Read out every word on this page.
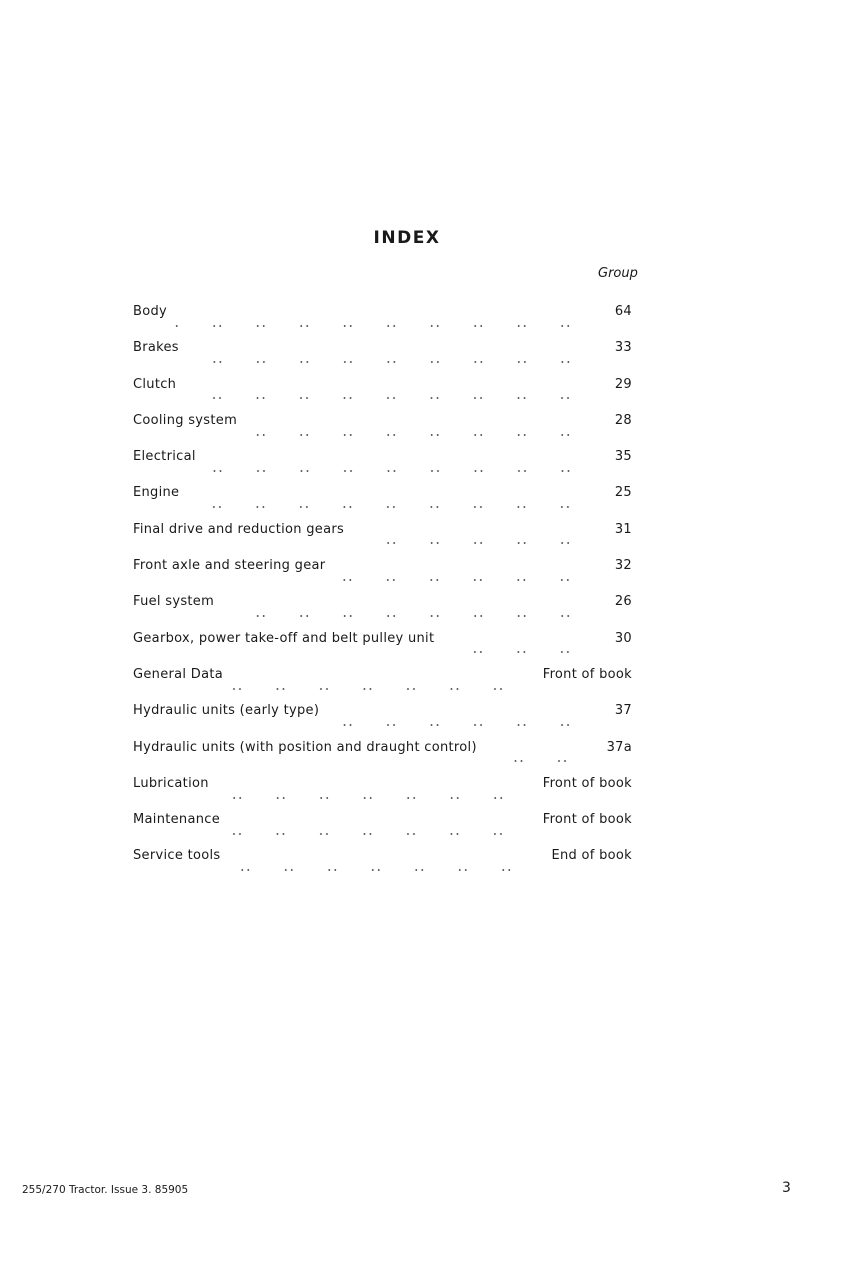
INDEX
Group
Body	64
Brakes	33
Clutch	29
Cooling system	28
Electrical	35
Engine	25
Final drive and reduction gears	31
Front axle and steering gear	32
Fuel system	26
Gearbox, power take-off and belt pulley unit	30
General Data	Front of book
Hydraulic units (early type)	37
Hydraulic units (with position and draught control)	37a
Lubrication	Front of book
Maintenance	Front of book
Service tools	End of book
255/270 Tractor. Issue 3. 85905	3
